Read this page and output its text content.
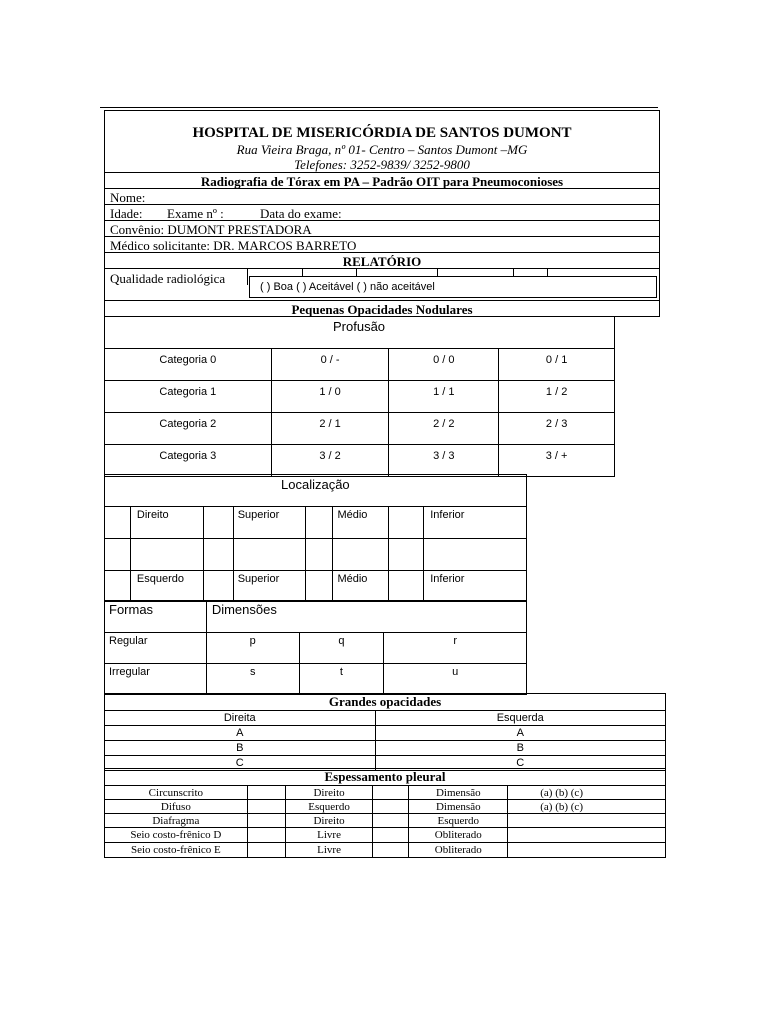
HOSPITAL DE MISERICÓRDIA DE SANTOS DUMONT
Rua Vieira Braga, nº 01- Centro – Santos Dumont –MG
Telefones: 3252-9839/ 3252-9800
Radiografia de Tórax em PA – Padrão OIT para Pneumoconioses
Nome:
Idade: Exame nº :	Data do exame:
Convênio: DUMONT PRESTADORA
Médico solicitante: DR. MARCOS BARRETO
RELATÓRIO
Qualidade radiológica
( ) Boa ( ) Aceitável ( ) não aceitável
Pequenas Opacidades Nodulares
Profusão
Categoria 0	0 / -	0 / 0	0 / 1

Categoria 1	1 / 0	1 / 1	1 / 2

Categoria 2	2 / 1	2 / 2	2 / 3

Categoria 3	3 / 2	3 / 3	3 / +
Localização

	Direito		Superior		Médio		Inferior

	Esquerdo		Superior		Médio		Inferior
Formas	Dimensões		

Regular	p	q	r

Irregular	s	t	u
Grandes opacidades	

Direita	Esquerda

A	A

B	B

C	C
Espessamento pleural					

Circunscrito		Direito		Dimensão	(a) (b) (c)

Difuso		Esquerdo		Dimensão	(a) (b) (c)

Diafragma		Direito		Esquerdo	

Seio costo-frênico D		Livre		Obliterado	

Seio costo-frênico E		Livre		Obliterado	
